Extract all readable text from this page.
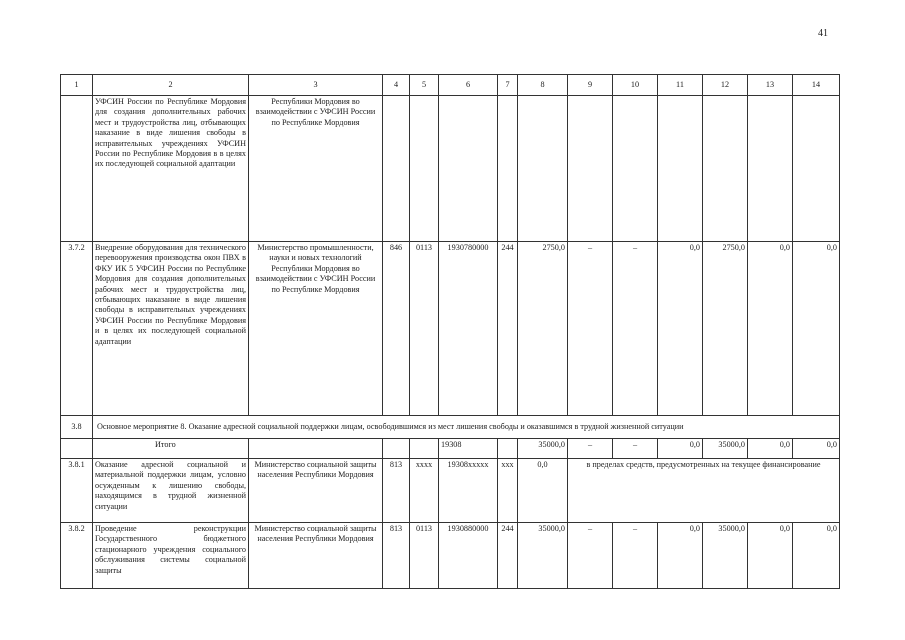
41
1	2	3	4	5	6	7	8	9	10	11	12	13	14
	УФСИН России по Республике Мордовия для создания дополнительных рабочих мест и трудоустройства лиц, отбывающих наказание в виде лишения свободы в исправительных учреждениях УФСИН России по Республике Мордовия в в целях их последующей социальной адаптации	Республики Мордовия во взаимодействии с УФСИН России по Республике Мордовия											
3.7.2	Внедрение оборудования для технического перевооружения производства окон ПВХ в ФКУ ИК 5 УФСИН России по Республике Мордовия для создания дополнительных рабочих мест и трудоустройства лиц, отбывающих наказание в виде лишения свободы в исправительных учреждениях УФСИН России по Республике Мордовия и в целях их последующей социальной адаптации	Министерство промышленности, науки и новых технологий Республики Мордовия во взаимодействии с УФСИН России по Республике Мордовия	846	0113	1930780000	244	2750,0	–	–	0,0	2750,0	0,0	0,0
3.8	Основное мероприятие 8. Оказание адресной социальной поддержки лицам, освободившимся из мест лишения свободы и оказавшимся в трудной жизненной ситуации												
	Итого				19308		35000,0	–	–	0,0	35000,0	0,0	0,0
3.8.1	Оказание адресной социальной и материальной поддержки лицам, условно осужденным к лишению свободы, находящимся в трудной жизненной ситуации	Министерство социальной защиты населения Республики Мордовия	813	хххх	19308ххххх	ххх	0,0	в пределах средств, предусмотренных на текущее финансирование					
3.8.2	Проведение реконструкции Государственного бюджетного стационарного учреждения социального обслуживания системы социальной защиты	Министерство социальной защиты населения Республики Мордовия	813	0113	1930880000	244	35000,0	–	–	0,0	35000,0	0,0	0,0
